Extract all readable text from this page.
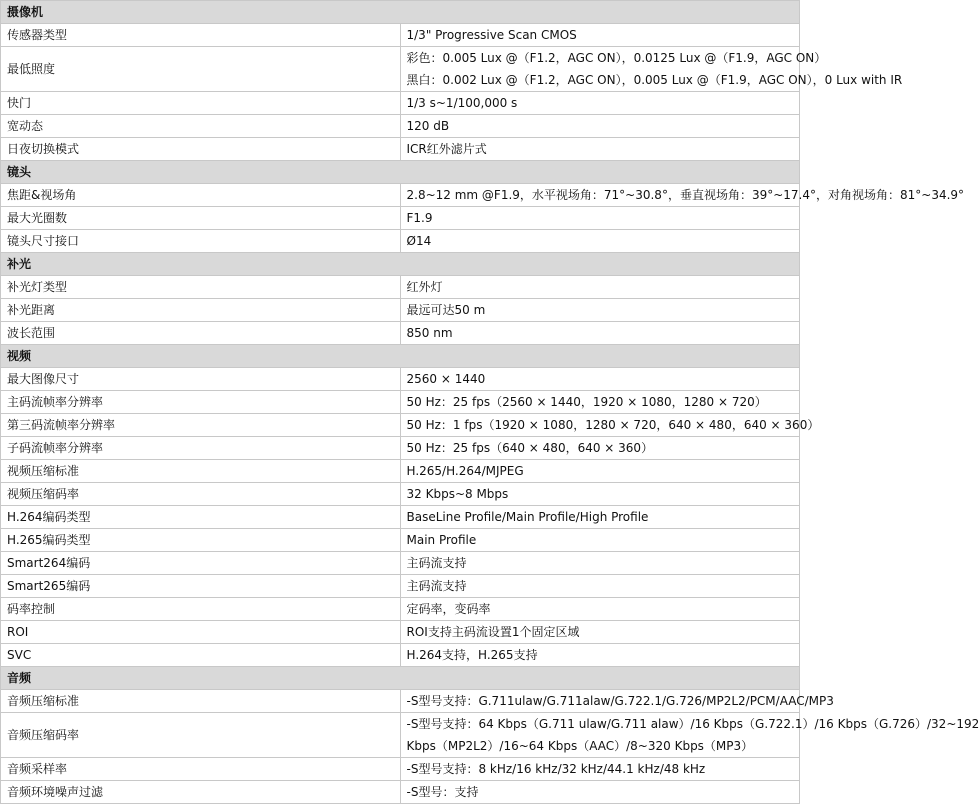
摄像机	
传感器类型	1/3" Progressive Scan CMOS

最低照度	彩色：0.005 Lux @（F1.2，AGC ON），0.0125 Lux @（F1.9，AGC ON）
黑白：0.002 Lux @（F1.2，AGC ON），0.005 Lux @（F1.9，AGC ON），0 Lux with IR

快门	1/3 s~1/100,000 s

宽动态	120 dB

日夜切换模式	ICR红外滤片式

镜头	
焦距&视场角	2.8~12 mm @F1.9，水平视场角：71°~30.8°，垂直视场角：39°~17.4°，对角视场角：81°~34.9°

最大光圈数	F1.9

镜头尺寸接口	Ø14

补光	
补光灯类型	红外灯

补光距离	最远可达50 m

波长范围	850 nm

视频	
最大图像尺寸	2560 × 1440

主码流帧率分辨率	50 Hz：25 fps（2560 × 1440，1920 × 1080，1280 × 720）

第三码流帧率分辨率	50 Hz：1 fps（1920 × 1080，1280 × 720，640 × 480，640 × 360）

子码流帧率分辨率	50 Hz：25 fps（640 × 480，640 × 360）

视频压缩标准	H.265/H.264/MJPEG

视频压缩码率	32 Kbps~8 Mbps

H.264编码类型	BaseLine Profile/Main Profile/High Profile

H.265编码类型	Main Profile

Smart264编码	主码流支持

Smart265编码	主码流支持

码率控制	定码率，变码率

ROI	ROI支持主码流设置1个固定区域

SVC	H.264支持，H.265支持

音频	
音频压缩标准	-S型号支持：G.711ulaw/G.711alaw/G.722.1/G.726/MP2L2/PCM/AAC/MP3

音频压缩码率	-S型号支持：64 Kbps（G.711 ulaw/G.711 alaw）/16 Kbps（G.722.1）/16 Kbps（G.726）/32~192
Kbps（MP2L2）/16~64 Kbps（AAC）/8~320 Kbps（MP3）

音频采样率	-S型号支持：8 kHz/16 kHz/32 kHz/44.1 kHz/48 kHz

音频环境噪声过滤	-S型号：支持
